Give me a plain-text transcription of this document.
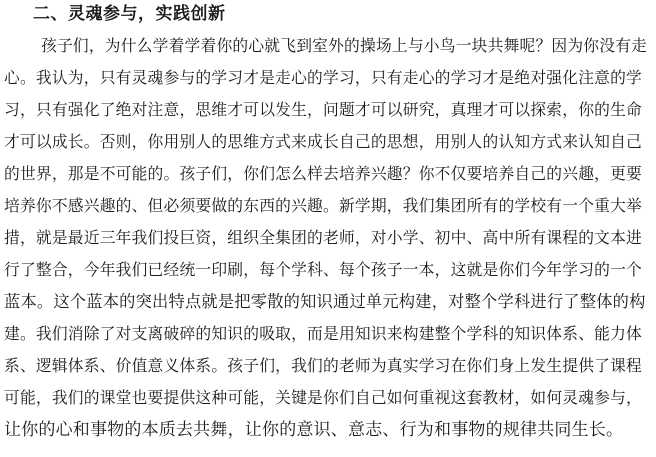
二、灵魂参与，实践创新
孩子们，为什么学着学着你的心就飞到室外的操场上与小鸟一块共舞呢？因为你没有走
心。我认为，只有灵魂参与的学习才是走心的学习，只有走心的学习才是绝对强化注意的学
习，只有强化了绝对注意，思维才可以发生，问题才可以研究，真理才可以探索，你的生命
才可以成长。否则，你用别人的思维方式来成长自己的思想，用别人的认知方式来认知自己
的世界，那是不可能的。孩子们，你们怎么样去培养兴趣？你不仅要培养自己的兴趣，更要
培养你不感兴趣的、但必须要做的东西的兴趣。新学期，我们集团所有的学校有一个重大举
措，就是最近三年我们投巨资，组织全集团的老师，对小学、初中、高中所有课程的文本进
行了整合，今年我们已经统一印刷，每个学科、每个孩子一本，这就是你们今年学习的一个
蓝本。这个蓝本的突出特点就是把零散的知识通过单元构建，对整个学科进行了整体的构
建。我们消除了对支离破碎的知识的吸取，而是用知识来构建整个学科的知识体系、能力体
系、逻辑体系、价值意义体系。孩子们，我们的老师为真实学习在你们身上发生提供了课程
可能，我们的课堂也要提供这种可能，关键是你们自己如何重视这套教材，如何灵魂参与，
让你的心和事物的本质去共舞，让你的意识、意志、行为和事物的规律共同生长。
